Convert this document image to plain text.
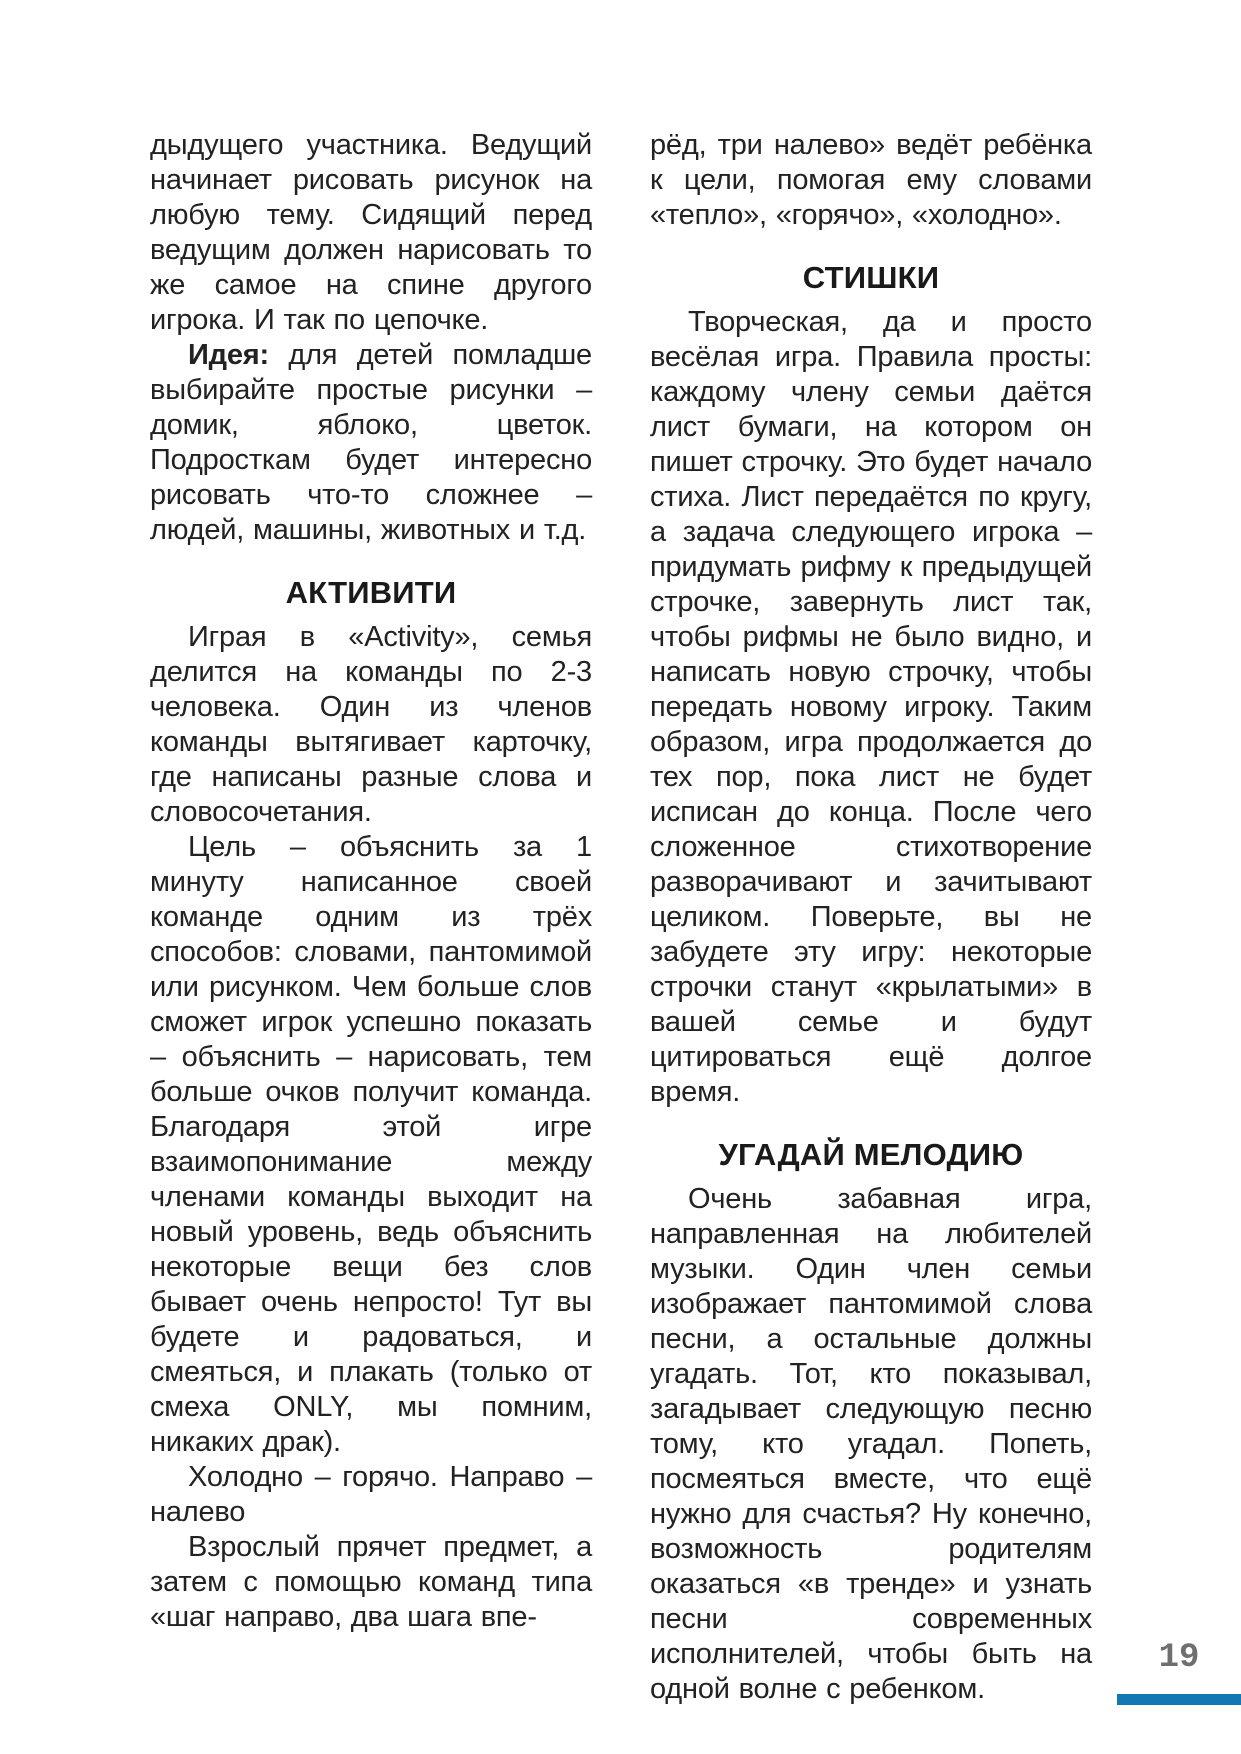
дыдущего участника. Ведущий начинает рисовать рисунок на любую тему. Сидящий перед ведущим должен нарисовать то же самое на спине другого игрока. И так по цепочке.

Идея: для детей помладше выбирайте простые рисунки – домик, яблоко, цветок. Подросткам будет интересно рисовать что-то сложнее – людей, машины, животных и т.д.

АКТИВИТИ

Играя в «Activity», семья делится на команды по 2-3 человека. Один из членов команды вытягивает карточку, где написаны разные слова и словосочетания.

Цель – объяснить за 1 минуту написанное своей команде одним из трёх способов: словами, пантомимой или рисунком. Чем больше слов сможет игрок успешно показать – объяснить – нарисовать, тем больше очков получит команда. Благодаря этой игре взаимопонимание между членами команды выходит на новый уровень, ведь объяснить некоторые вещи без слов бывает очень непросто! Тут вы будете и радоваться, и смеяться, и плакать (только от смеха ONLY, мы помним, никаких драк).

Холодно – горячо. Направо – налево

Взрослый прячет предмет, а затем с помощью команд типа «шаг направо, два шага впе-

рёд, три налево» ведёт ребёнка к цели, помогая ему словами «тепло», «горячо», «холодно».

СТИШКИ

Творческая, да и просто весёлая игра. Правила просты: каждому члену семьи даётся лист бумаги, на котором он пишет строчку. Это будет начало стиха. Лист передаётся по кругу, а задача следующего игрока – придумать рифму к предыдущей строчке, завернуть лист так, чтобы рифмы не было видно, и написать новую строчку, чтобы передать новому игроку. Таким образом, игра продолжается до тех пор, пока лист не будет исписан до конца. После чего сложенное стихотворение разворачивают и зачитывают целиком. Поверьте, вы не забудете эту игру: некоторые строчки станут «крылатыми» в вашей семье и будут цитироваться ещё долгое время.

УГАДАЙ МЕЛОДИЮ

Очень забавная игра, направленная на любителей музыки. Один член семьи изображает пантомимой слова песни, а остальные должны угадать. Тот, кто показывал, загадывает следующую песню тому, кто угадал. Попеть, посмеяться вместе, что ещё нужно для счастья? Ну конечно, возможность родителям оказаться «в тренде» и узнать песни современных исполнителей, чтобы быть на одной волне с ребенком.

19
